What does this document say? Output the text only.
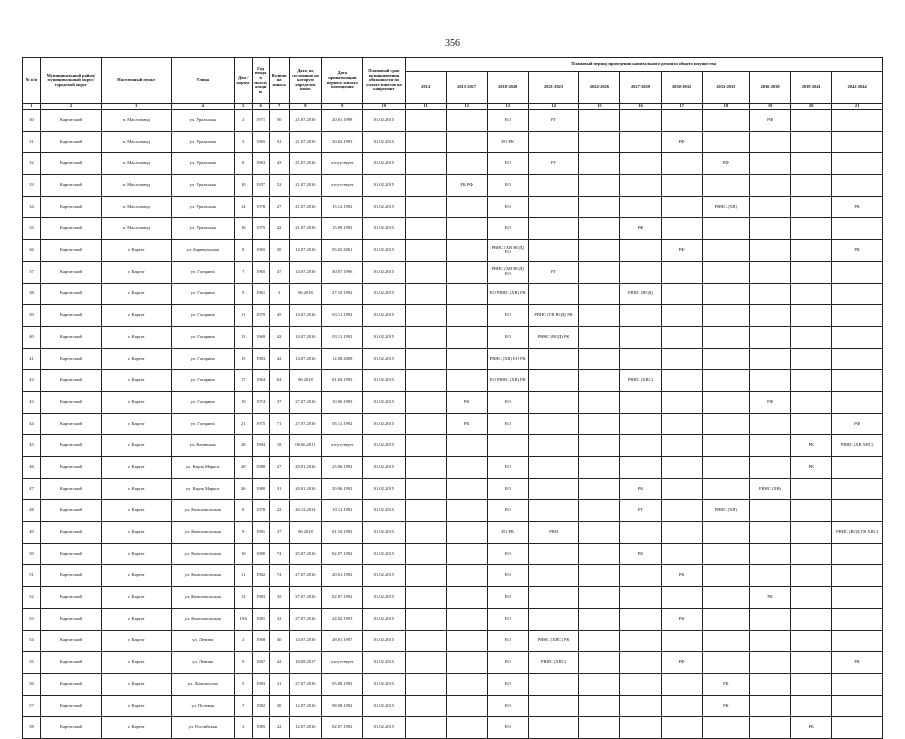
356
№ п/п	Муниципальный район/ муниципальный округ/городской округ	Населенный пункт	Улица	Дом / корпус	Год ввода в эксплуатацию	Величина износа	Дата, по состоянию на которую определен износ	Дата приватизации первого жилого помещения	Плановый срок возникновения обязанности по уплате взносов на капремонт	Плановый период проведения капитального ремонта общего имущества										
										2014	2015-2017	2018-2020	2021-2023	2024-2026	2027-2029	2030-2032	2033-2035	2036-2038	2039-2041	2042-2044
1	2	3	4	5	6	7	8	9	10	11	12	13	14	15	16	17	18	19	20	21
30	Каргатский	п. Маслозавод	ул. Уральская	2	1971	50	21.07.2016	20.01.1998	01.02.2015			ЕО	РГ					РФ		
31	Каргатский	п. Маслозавод	ул. Уральская	3	1965	52	21.07.2016	20.02.1993	01.02.2015			ЕО РК				РФ				
32	Каргатский	п. Маслозавод	ул. Уральская	8	1963	43	21.07.2016	отсутствует	01.02.2015			ЕО	РГ				РФ			
33	Каргатский	п. Маслозавод	ул. Уральская	10	1957	52	21.07.2016	отсутствует	01.02.2015		РК РФ	ЕО								
34	Каргатский	п. Маслозавод	ул. Уральская	14	1978	27	21.07.2016	15.12.1992	01.02.2015			ЕО					РВНС (ХВ)			РК
35	Каргатский	п. Маслозавод	ул. Уральская	16	1975	42	21.07.2016	15.09.1992	01.02.2015			ЕО			РФ					
36	Каргатский	г. Каргат	ул. Барнаульская	8	1965	50	14.07.2016	05.02.2001	01.02.2015			РВНС (ХВ ВОД) ЕО				РФ				РК
37	Каргатский	г. Каргат	ул. Гагарина	7	1965	47	14.07.2016	30.07.1996	01.02.2015			РВНС (ХВ ВОД) ЕО	РГ							
38	Каргатский	г. Каргат	ул. Гагарина	9	1961	3	06.2018	27.10.1992	01.02.2015			ЕО РВНС (ХВ) РК			РВНС (ВОД)					
39	Каргатский	г. Каргат	ул. Гагарина	11	1979	45	14.07.2016	03.11.1992	01.02.2015			ЕО	РВНС (ГВ ВОД) РК							
40	Каргатский	г. Каргат	ул. Гагарина	13	1969	42	14.07.2016	03.11.1992	01.02.2015			ЕО	РВНС (ВОД) РК							
41	Каргатский	г. Каргат	ул. Гагарина	15	1983	42	14.07.2016	12.08.2008	01.02.2015			РВНС (ХВ) ЕО РК								
42	Каргатский	г. Каргат	ул. Гагарина	17	1964	64	06.2018	01.04.1993	01.02.2015			ЕО РВНС (ХВ) РК			РВНС (ХВС)					
43	Каргатский	г. Каргат	ул. Гагарина	19	1974	37	27.07.2016	10.06.1993	01.02.2015		РК	ЕО						РФ		
44	Каргатский	г. Каргат	ул. Гагарина	21	1975	71	27.07.2016	05.11.1992	01.02.2015		РК	ЕО								РФ
45	Каргатский	г. Каргат	ул. Казанская	28	1994	18	06.06.2011	отсутствует	01.02.2015										РК	РВНС (ХВ ХВС)
46	Каргатский	г. Каргат	ул. Карла Маркса	20	1988	27	20.01.2016	23.06.1992	01.02.2015			ЕО							РК	
47	Каргатский	г. Каргат	ул. Карла Маркса	26	1980	31	20.01.2016	29.06.1992	01.02.2015			ЕО			РК			РВНС (ХВ)		
48	Каргатский	г. Каргат	ул. Комсомольская	8	1978	22	20.12.2014	10.11.1992	01.02.2015			ЕО			РГ		РВНС (ХВ)			
49	Каргатский	г. Каргат	ул. Комсомольская	9	1981	37	06.2018	01.10.1992	01.02.2015			ЕО РК	РВН							РВНС (ВОД ГВ ХВС)
50	Каргатский	г. Каргат	ул. Комсомольская	10	1980	74	25.07.2016	02.07.1992	01.02.2015			ЕО			РК					
51	Каргатский	г. Каргат	ул. Комсомольская	11	1982	74	27.07.2016	20.01.1992	01.02.2015			ЕО				РК				
52	Каргатский	г. Каргат	ул. Комсомольская	12	1983	35	27.07.2016	02.07.1992	01.02.2015			ЕО						РК		
53	Каргатский	г. Каргат	ул. Комсомольская	19А	1981	32	27.07.2016	24.02.1993	01.02.2015			ЕО				РК				
54	Каргатский	г. Каргат	ул. Ленина	2	1968	40	14.07.2016	28.01.1997	01.02.2015			ЕО	РВНС (ХВС) РК							
55	Каргатский	г. Каргат	ул. Ленина	9	1967	42	18.09.2017	отсутствует	01.02.2015			ЕО	РВНС (ХВС)			РФ				РК
56	Каргатский	г. Каргат	ул. Ломоносова	5	1983	31	27.07.2016	05.08.1992	01.02.2015			ЕО					РК			
57	Каргатский	г. Каргат	ул. Полевая	7	1982	30	12.07.2016	08.08.1992	01.02.2015			ЕО					РК			
58	Каргатский	г. Каргат	ул. Российская	3	1985	22	12.07.2016	02.07.1992	01.02.2015			ЕО							РК	
